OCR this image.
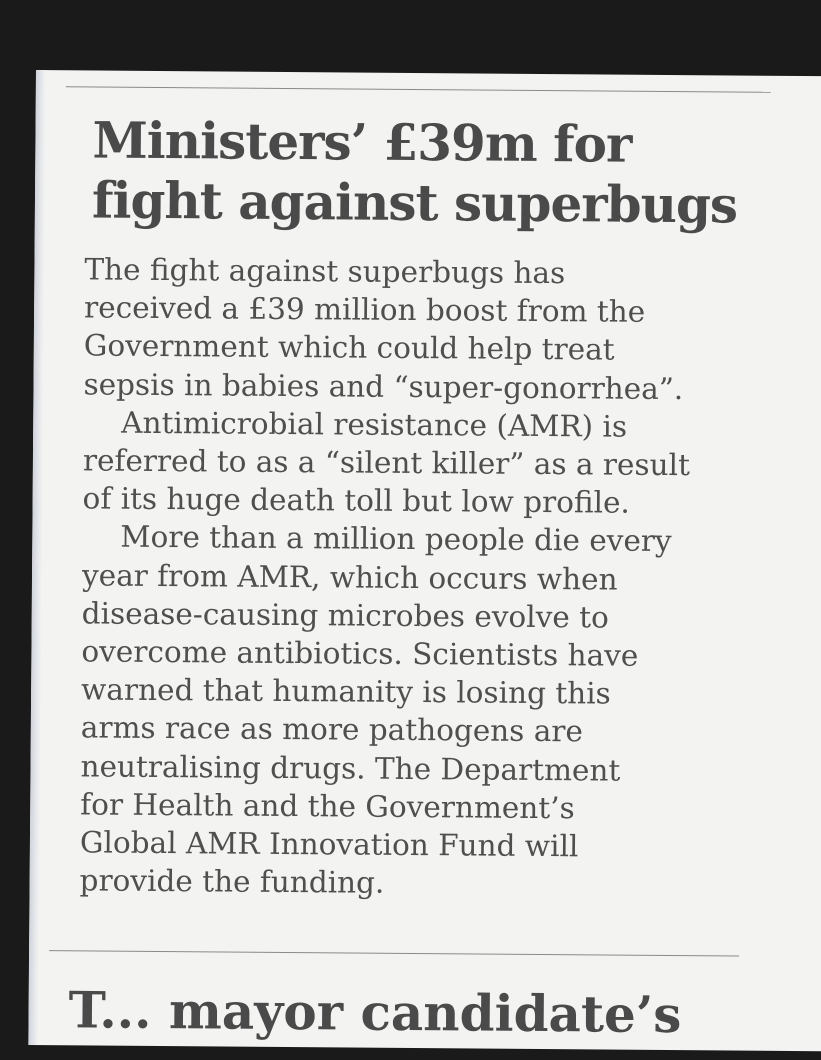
Ministers’ £39m for
fight against superbugs
The fight against superbugs has
received a £39 million boost from the
Government which could help treat
sepsis in babies and “super-gonorrhea”.
Antimicrobial resistance (AMR) is
referred to as a “silent killer” as a result
of its huge death toll but low profile.
More than a million people die every
year from AMR, which occurs when
disease-causing microbes evolve to
overcome antibiotics. Scientists have
warned that humanity is losing this
arms race as more pathogens are
neutralising drugs. The Department
for Health and the Government’s
Global AMR Innovation Fund will
provide the funding.
T... mayor candidate’s
